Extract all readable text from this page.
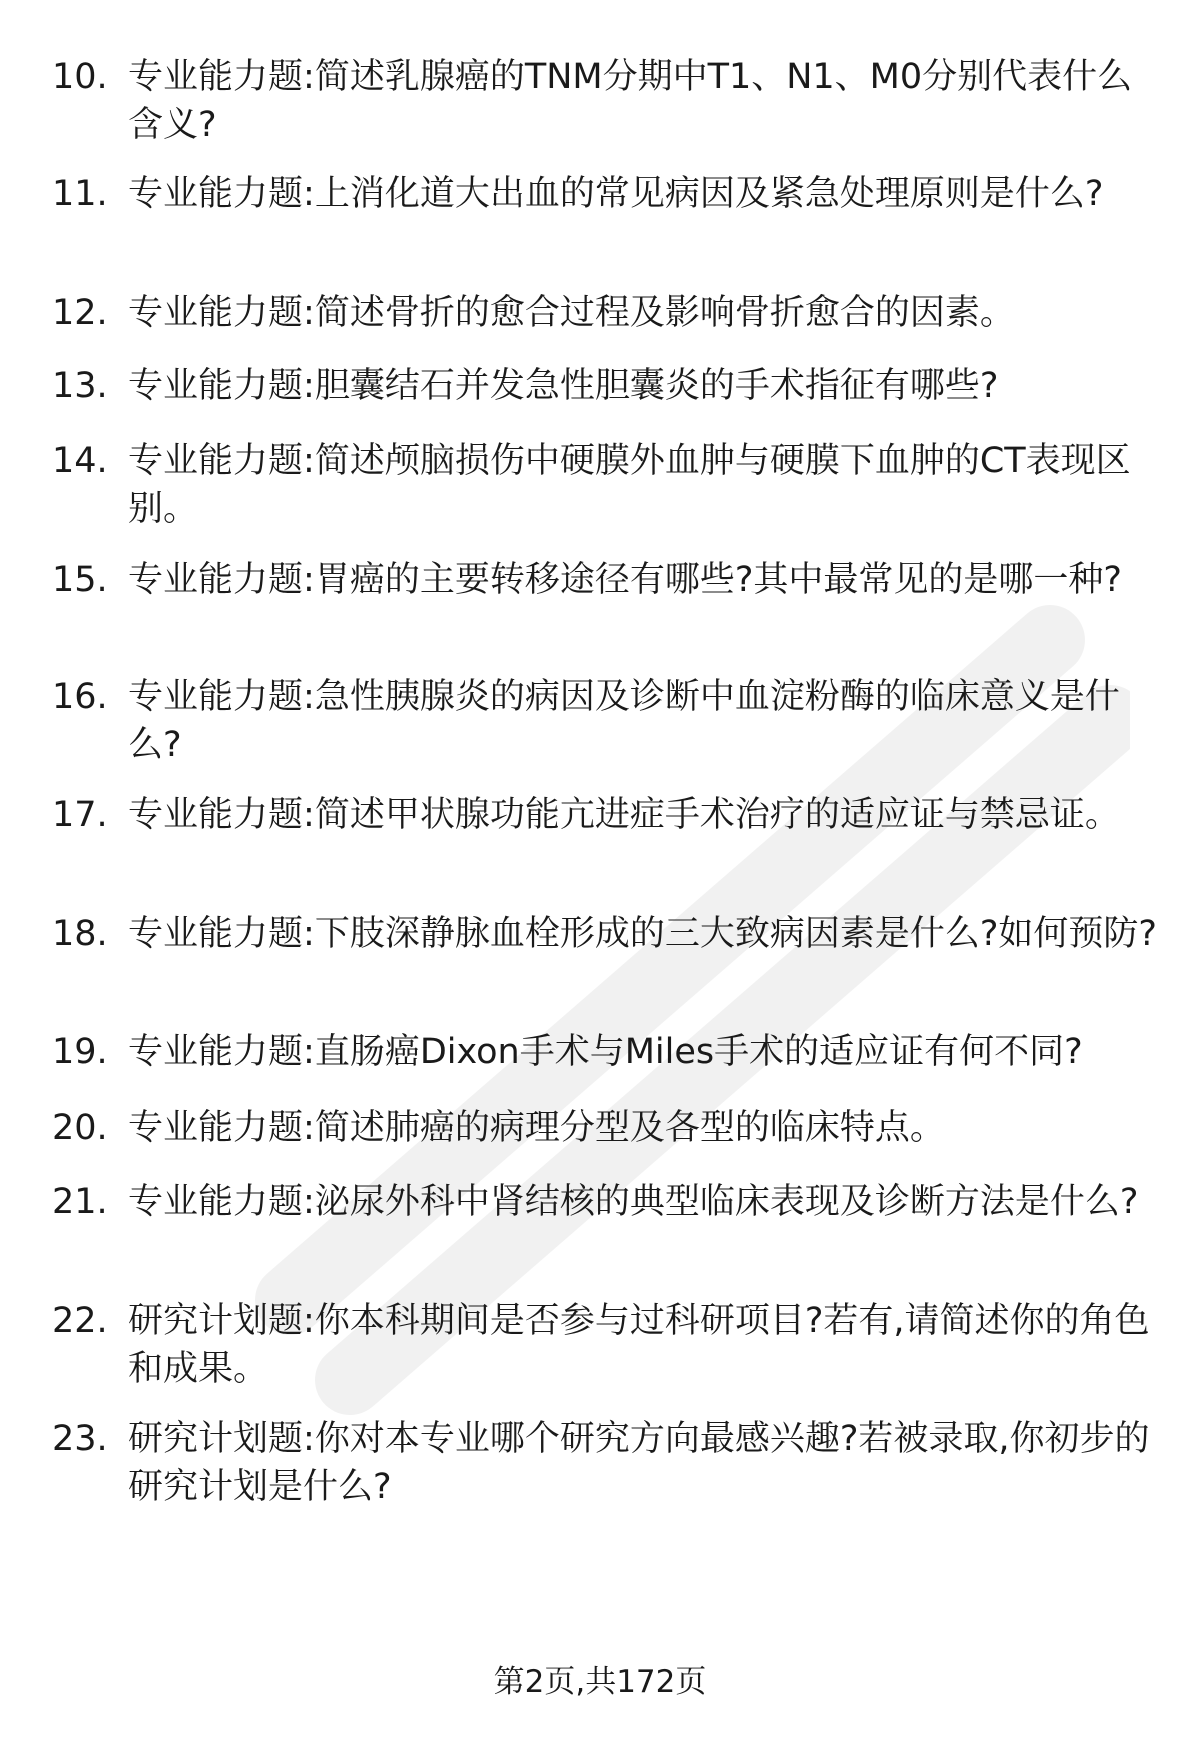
10. 专业能力题:简述乳腺癌的TNM分期中T1、N1、M0分别代表什么含义?
11. 专业能力题:上消化道大出血的常见病因及紧急处理原则是什么?
12. 专业能力题:简述骨折的愈合过程及影响骨折愈合的因素。
13. 专业能力题:胆囊结石并发急性胆囊炎的手术指征有哪些?
14. 专业能力题:简述颅脑损伤中硬膜外血肿与硬膜下血肿的CT表现区别。
15. 专业能力题:胃癌的主要转移途径有哪些?其中最常见的是哪一种?
16. 专业能力题:急性胰腺炎的病因及诊断中血淀粉酶的临床意义是什么?
17. 专业能力题:简述甲状腺功能亢进症手术治疗的适应证与禁忌证。
18. 专业能力题:下肢深静脉血栓形成的三大致病因素是什么?如何预防?
19. 专业能力题:直肠癌Dixon手术与Miles手术的适应证有何不同?
20. 专业能力题:简述肺癌的病理分型及各型的临床特点。
21. 专业能力题:泌尿外科中肾结核的典型临床表现及诊断方法是什么?
22. 研究计划题:你本科期间是否参与过科研项目?若有,请简述你的角色和成果。
23. 研究计划题:你对本专业哪个研究方向最感兴趣?若被录取,你初步的研究计划是什么?
第2页,共172页
